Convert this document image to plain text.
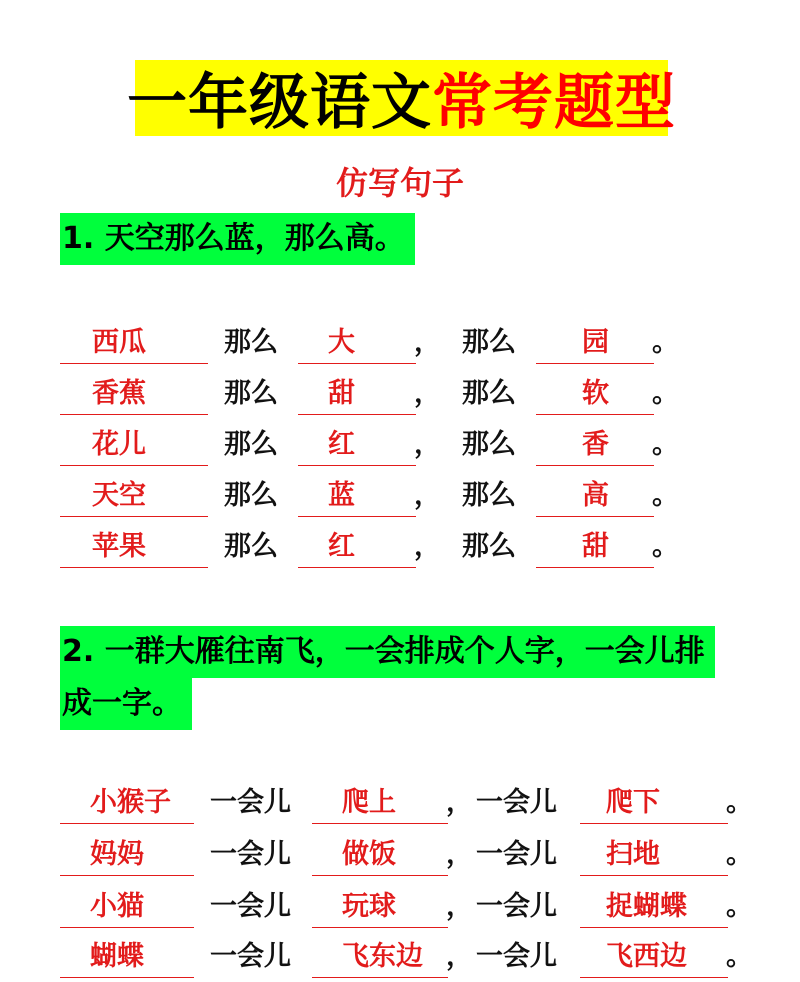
一年级语文 常考题型
仿写句子
1. 天空那么蓝，那么高。
西瓜	那么	大	， 那么	园	。
香蕉	那么	甜	， 那么	软	。
花儿	那么	红	， 那么	香	。
天空	那么	蓝	， 那么	高	。
苹果	那么	红	， 那么	甜	。
2. 一群大雁往南飞，一会排成个人字，一会儿排
成一字。
小猴子	一会儿	爬上	， 一会儿	爬下	。
妈妈	一会儿	做饭	， 一会儿	扫地	。
小猫	一会儿	玩球	， 一会儿	捉蝴蝶	。
蝴蝶	一会儿	飞东边 ， 一会儿	飞西边	。
